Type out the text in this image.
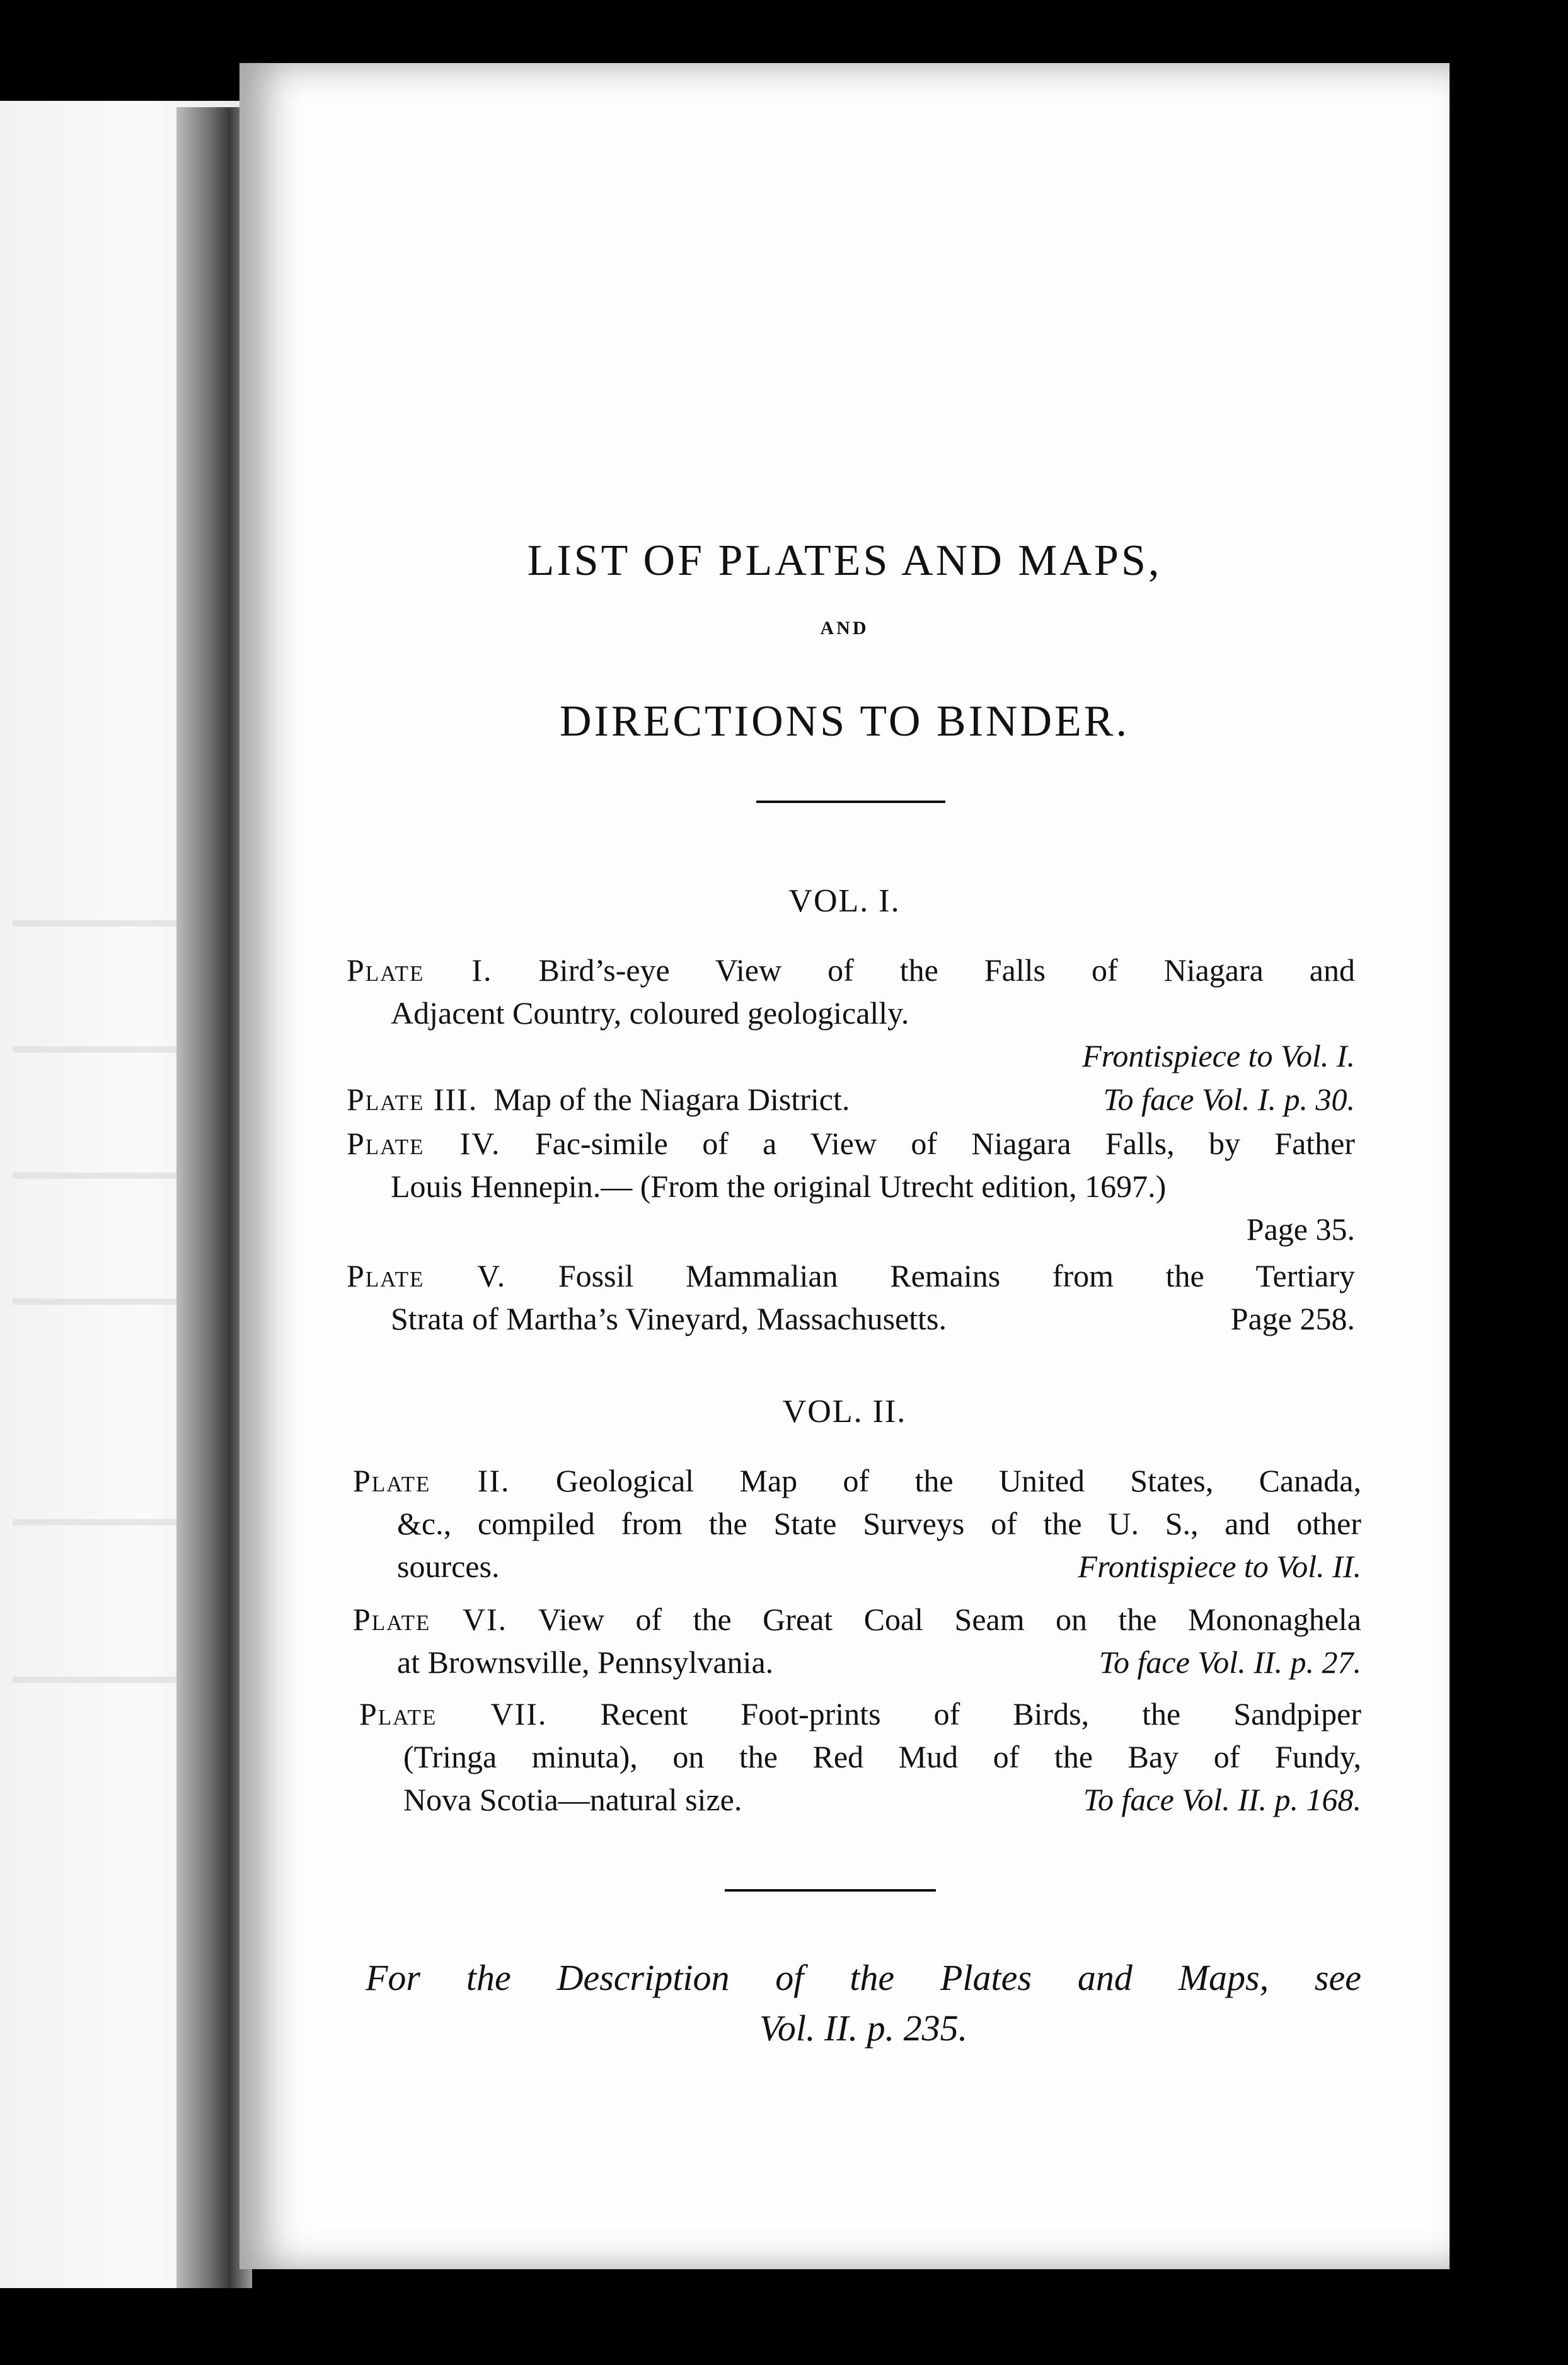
LIST OF PLATES AND MAPS,
AND
DIRECTIONS TO BINDER.
VOL. I.
Plate I. Bird’s-eye View of the Falls of Niagara and
Adjacent Country, coloured geologically.
Frontispiece to Vol. I.
Plate III. Map of the Niagara District.	To face Vol. I. p. 30.
Plate IV. Fac-simile of a View of Niagara Falls, by Father
Louis Hennepin.— (From the original Utrecht edition, 1697.)
Page 35.
Plate V. Fossil Mammalian Remains from the Tertiary
Strata of Martha’s Vineyard, Massachusetts.	Page 258.
VOL. II.
Plate II. Geological Map of the United States, Canada,
&c., compiled from the State Surveys of the U. S., and other
sources.	Frontispiece to Vol. II.
Plate VI. View of the Great Coal Seam on the Mononaghela
at Brownsville, Pennsylvania.	To face Vol. II. p. 27.
Plate VII. Recent Foot-prints of Birds, the Sandpiper
(Tringa minuta), on the Red Mud of the Bay of Fundy,
Nova Scotia—natural size.	To face Vol. II. p. 168.
For the Description of the Plates and Maps, see
Vol. II. p. 235.
